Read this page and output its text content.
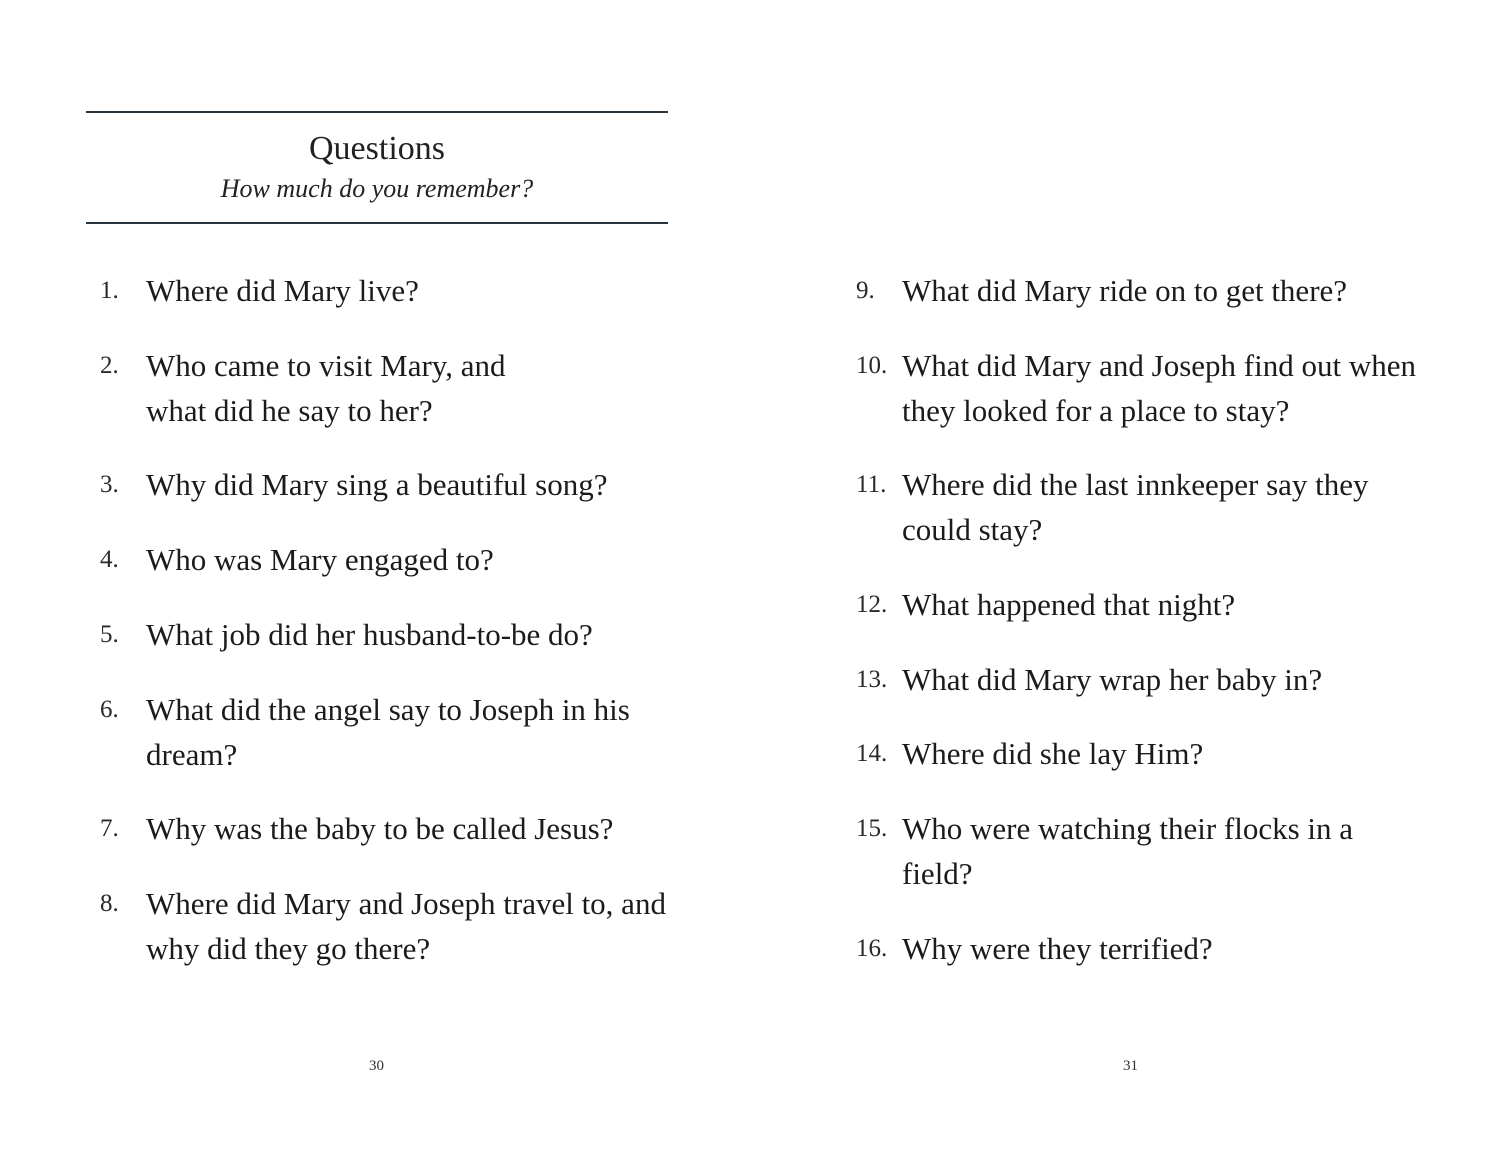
Questions
How much do you remember?
1. Where did Mary live?
2. Who came to visit Mary, and what did he say to her?
3. Why did Mary sing a beautiful song?
4. Who was Mary engaged to?
5. What job did her husband-to-be do?
6. What did the angel say to Joseph in his dream?
7. Why was the baby to be called Jesus?
8. Where did Mary and Joseph travel to, and why did they go there?
9. What did Mary ride on to get there?
10. What did Mary and Joseph find out when they looked for a place to stay?
11. Where did the last innkeeper say they could stay?
12. What happened that night?
13. What did Mary wrap her baby in?
14. Where did she lay Him?
15. Who were watching their flocks in a field?
16. Why were they terrified?
30	31
